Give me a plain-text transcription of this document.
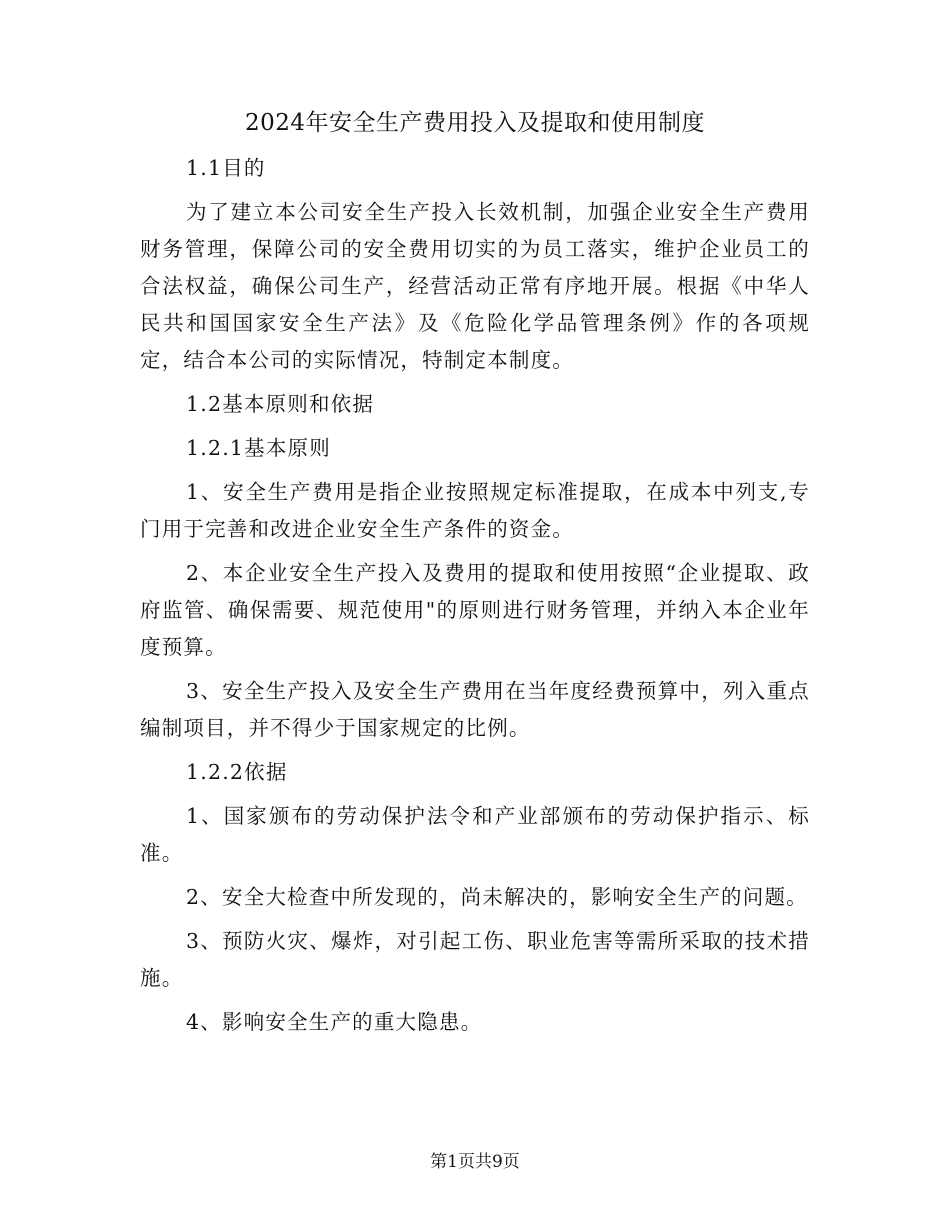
2024年安全生产费用投入及提取和使用制度

1.1目的

为了建立本公司安全生产投入长效机制，加强企业安全生产费用财务管理，保障公司的安全费用切实的为员工落实，维护企业员工的合法权益，确保公司生产，经营活动正常有序地开展。根据《中华人民共和国国家安全生产法》及《危险化学品管理条例》作的各项规定，结合本公司的实际情况，特制定本制度。

1.2基本原则和依据

1.2.1基本原则

1、安全生产费用是指企业按照规定标准提取，在成本中列支,专门用于完善和改进企业安全生产条件的资金。

2、本企业安全生产投入及费用的提取和使用按照“企业提取、政府监管、确保需要、规范使用"的原则进行财务管理，并纳入本企业年度预算。

3、安全生产投入及安全生产费用在当年度经费预算中，列入重点编制项目，并不得少于国家规定的比例。

1.2.2依据

1、国家颁布的劳动保护法令和产业部颁布的劳动保护指示、标准。

2、安全大检查中所发现的，尚未解决的，影响安全生产的问题。

3、预防火灾、爆炸，对引起工伤、职业危害等需所采取的技术措施。

4、影响安全生产的重大隐患。

第1页共9页
